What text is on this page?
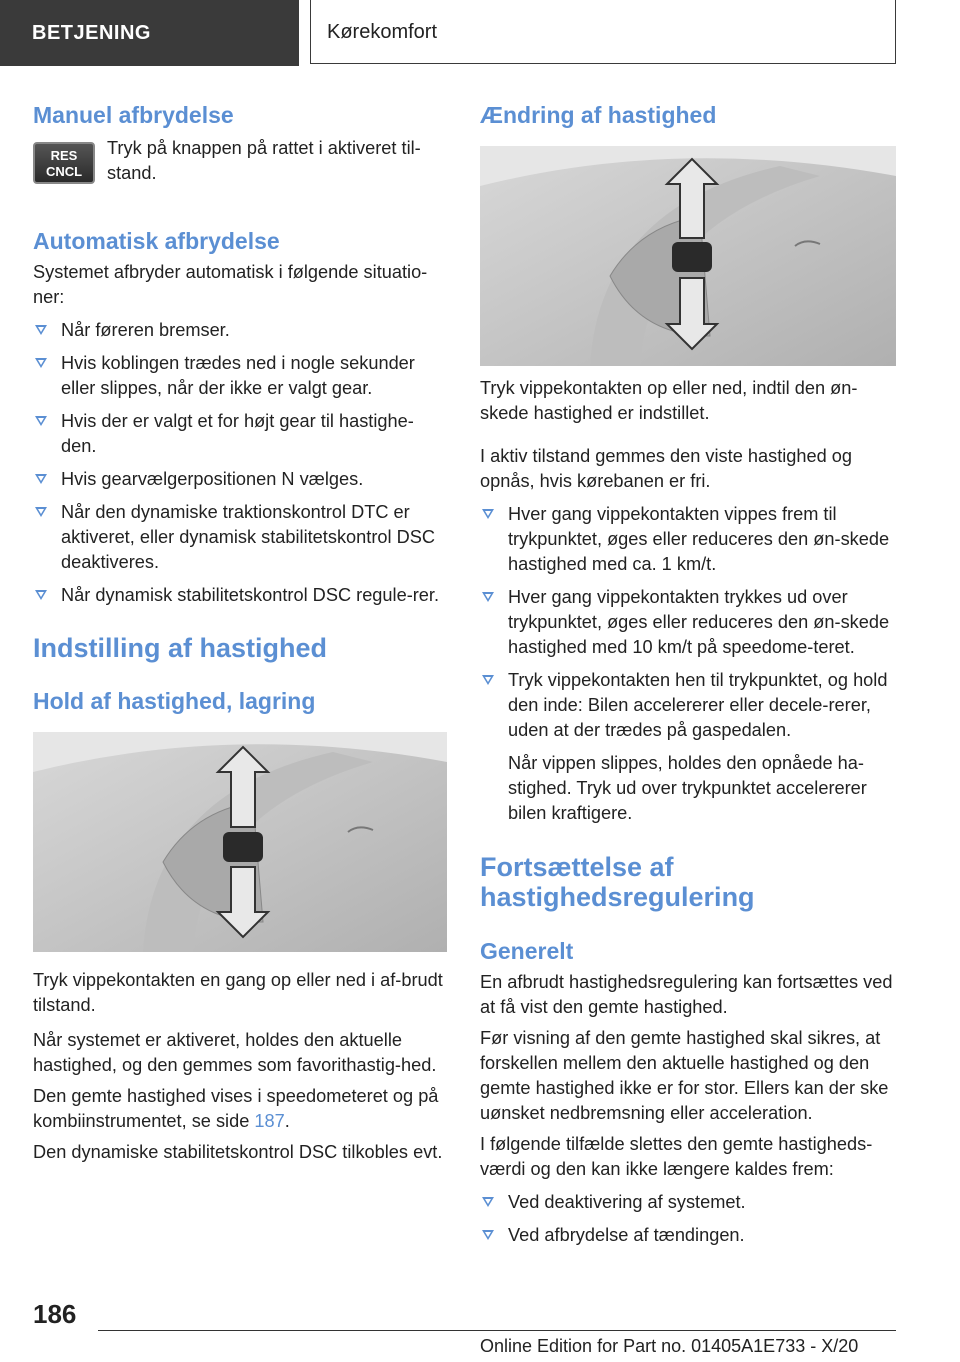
BETJENING	Kørekomfort
Manuel afbrydelse
RES
CNCL

Tryk på knappen på rattet i aktiveret til-stand.

Automatisk afbrydelse

Systemet afbryder automatisk i følgende situatio-ner:

Når føreren bremser.
Hvis koblingen trædes ned i nogle sekunder eller slippes, når der ikke er valgt gear.
Hvis der er valgt et for højt gear til hastighe-den.
Hvis gearvælgerpositionen N vælges.
Når den dynamiske traktionskontrol DTC er aktiveret, eller dynamisk stabilitetskontrol DSC deaktiveres.
Når dynamisk stabilitetskontrol DSC regule-rer.
Indstilling af hastighed
Hold af hastighed, lagring

Tryk vippekontakten en gang op eller ned i af-brudt tilstand.

Når systemet er aktiveret, holdes den aktuelle hastighed, og den gemmes som favorithastig-hed.

Den gemte hastighed vises i speedometeret og på kombiinstrumentet, se side 187.

Den dynamiske stabilitetskontrol DSC tilkobles evt.

Ændring af hastighed

Tryk vippekontakten op eller ned, indtil den øn-skede hastighed er indstillet.

I aktiv tilstand gemmes den viste hastighed og opnås, hvis kørebanen er fri.

Hver gang vippekontakten vippes frem til trykpunktet, øges eller reduceres den øn-skede hastighed med ca. 1 km/t.
Hver gang vippekontakten trykkes ud over trykpunktet, øges eller reduceres den øn-skede hastighed med 10 km/t på speedome-teret.
Tryk vippekontakten hen til trykpunktet, og hold den inde: Bilen accelererer eller decele-rerer, uden at der trædes på gaspedalen.
Når vippen slippes, holdes den opnåede ha-stighed. Tryk ud over trykpunktet accelererer bilen kraftigere.
Fortsættelse af hastighedsregulering
Generelt

En afbrudt hastighedsregulering kan fortsættes ved at få vist den gemte hastighed.

Før visning af den gemte hastighed skal sikres, at forskellen mellem den aktuelle hastighed og den gemte hastighed ikke er for stor. Ellers kan der ske uønsket nedbremsning eller acceleration.

I følgende tilfælde slettes den gemte hastigheds-værdi og den kan ikke længere kaldes frem:

Ved deaktivering af systemet.
Ved afbrydelse af tændingen.
186
Online Edition for Part no. 01405A1E733 - X/20
